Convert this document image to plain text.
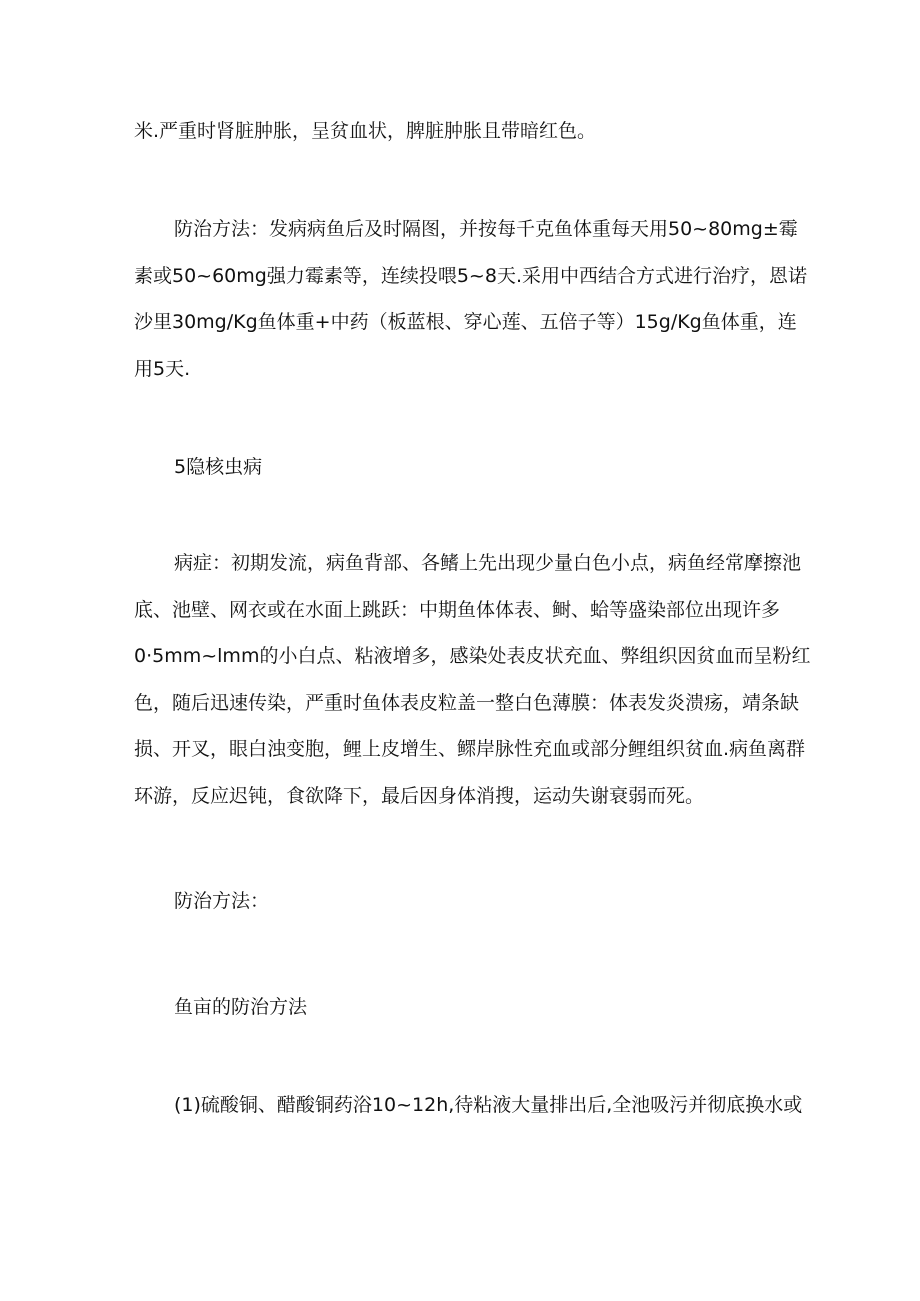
米.严重时肾脏肿胀，呈贫血状，脾脏肿胀且带暗红色。

防治方法：发病病鱼后及时隔图，并按每千克鱼体重每天用50~80mg±霉
素或50~60mg强力霉素等，连续投喂5~8天.采用中西结合方式进行治疗，恩诺
沙里30mg∕Kg鱼体重+中药（板蓝根、穿心莲、五倍子等）15g∕Kg鱼体重，连
用5天.

5隐核虫病

病症：初期发流，病鱼背部、各鳍上先出现少量白色小点，病鱼经常摩擦池
底、池壁、网衣或在水面上跳跃：中期鱼体体表、鲥、蛤等盛染部位出现许多
0·5mm~lmm的小白点、粘液增多，感染处表皮状充血、弊组织因贫血而呈粉红
色，随后迅速传染，严重时鱼体表皮粒盖一整白色薄膜：体表发炎溃疡，靖条缺
损、开叉，眼白浊变胞，鲤上皮增生、鳏岸脉性充血或部分鲤组织贫血.病鱼离群
环游，反应迟钝，食欲降下，最后因身体消搜，运动失谢衰弱而死。

防治方法：

鱼亩的防治方法

(1)硫酸铜、醋酸铜药浴10~12h,待粘液大量排出后,全池吸污并彻底换水或
